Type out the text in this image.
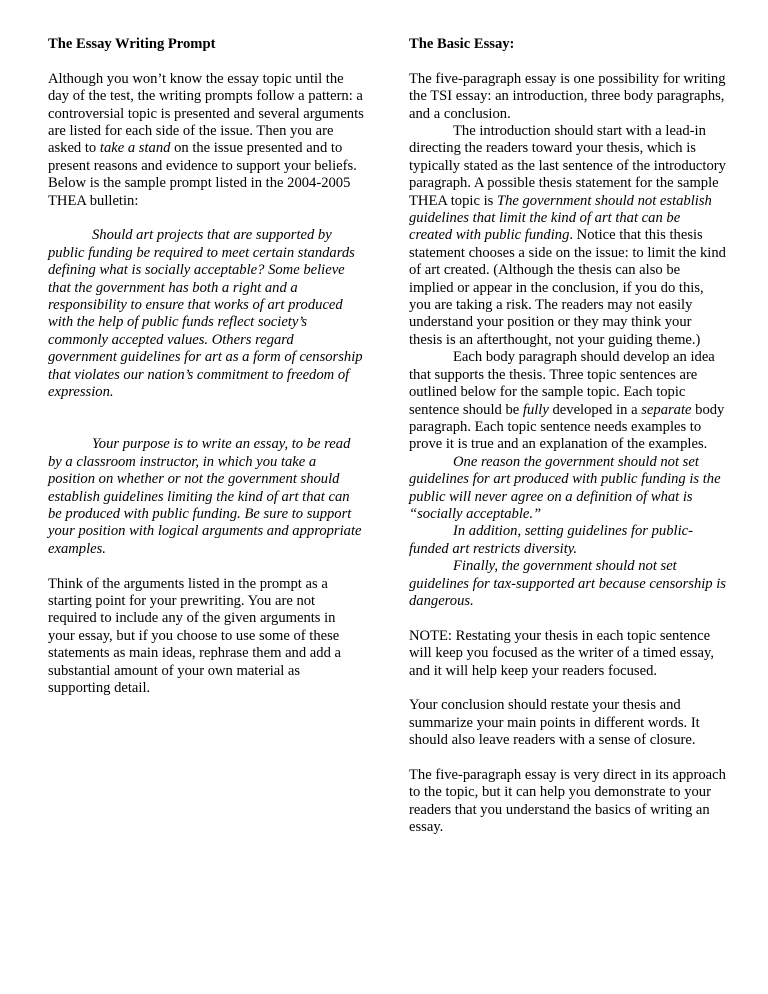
The Essay Writing Prompt

Although you won’t know the essay topic until the day of the test, the writing prompts follow a pattern: a controversial topic is presented and several arguments are listed for each side of the issue. Then you are asked to take a stand on the issue presented and to present reasons and evidence to support your beliefs. Below is the sample prompt listed in the 2004-2005 THEA bulletin:

Should art projects that are supported by public funding be required to meet certain standards defining what is socially acceptable? Some believe that the government has both a right and a responsibility to ensure that works of art produced with the help of public funds reflect society’s commonly accepted values. Others regard government guidelines for art as a form of censorship that violates our nation’s commitment to freedom of expression.

Your purpose is to write an essay, to be read by a classroom instructor, in which you take a position on whether or not the government should establish guidelines limiting the kind of art that can be produced with public funding. Be sure to support your position with logical arguments and appropriate examples.

Think of the arguments listed in the prompt as a starting point for your prewriting. You are not required to include any of the given arguments in your essay, but if you choose to use some of these statements as main ideas, rephrase them and add a substantial amount of your own material as supporting detail.

The Basic Essay:

The five-paragraph essay is one possibility for writing the TSI essay: an introduction, three body paragraphs, and a conclusion.

The introduction should start with a lead-in directing the readers toward your thesis, which is typically stated as the last sentence of the introductory paragraph. A possible thesis statement for the sample THEA topic is The government should not establish guidelines that limit the kind of art that can be created with public funding. Notice that this thesis statement chooses a side on the issue: to limit the kind of art created. (Although the thesis can also be implied or appear in the conclusion, if you do this, you are taking a risk. The readers may not easily understand your position or they may think your thesis is an afterthought, not your guiding theme.)

Each body paragraph should develop an idea that supports the thesis. Three topic sentences are outlined below for the sample topic. Each topic sentence should be fully developed in a separate body paragraph. Each topic sentence needs examples to prove it is true and an explanation of the examples.

One reason the government should not set guidelines for art produced with public funding is the public will never agree on a definition of what is “socially acceptable.”

In addition, setting guidelines for public-funded art restricts diversity.

Finally, the government should not set guidelines for tax-supported art because censorship is dangerous.

NOTE: Restating your thesis in each topic sentence will keep you focused as the writer of a timed essay, and it will help keep your readers focused.

Your conclusion should restate your thesis and summarize your main points in different words. It should also leave readers with a sense of closure.

The five-paragraph essay is very direct in its approach to the topic, but it can help you demonstrate to your readers that you understand the basics of writing an essay.
